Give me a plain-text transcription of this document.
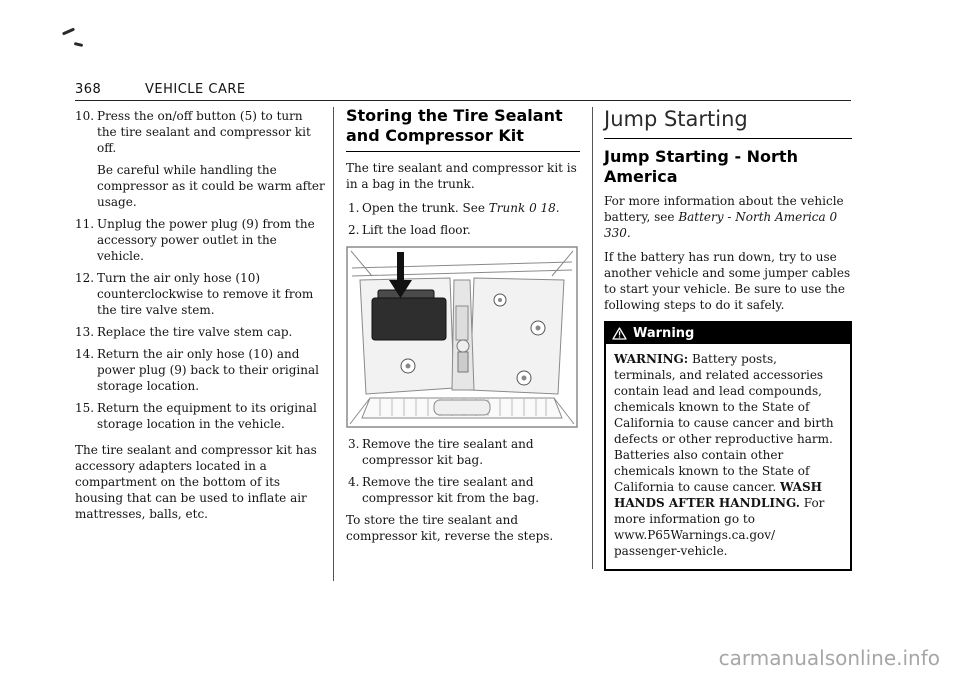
368	VEHICLE CARE
10. Press the on/off button (5) to turn the tire sealant and compressor kit off.
Be careful while handling the compressor as it could be warm after usage.
11. Unplug the power plug (9) from the accessory power outlet in the vehicle.
12. Turn the air only hose (10) counterclockwise to remove it from the tire valve stem.
13. Replace the tire valve stem cap.
14. Return the air only hose (10) and power plug (9) back to their original storage location.
15. Return the equipment to its original storage location in the vehicle.

The tire sealant and compressor kit has accessory adapters located in a compartment on the bottom of its housing that can be used to inflate air mattresses, balls, etc.

Storing the Tire Sealant and Compressor Kit

The tire sealant and compressor kit is in a bag in the trunk.

1. Open the trunk. See Trunk 0 18.
2. Lift the load floor.
3. Remove the tire sealant and compressor kit bag.
4. Remove the tire sealant and compressor kit from the bag.

To store the tire sealant and compressor kit, reverse the steps.

Jump Starting
Jump Starting - North America

For more information about the vehicle battery, see Battery - North America 0 330.

If the battery has run down, try to use another vehicle and some jumper cables to start your vehicle. Be sure to use the following steps to do it safely.

Warning
WARNING: Battery posts, terminals, and related accessories contain lead and lead compounds, chemicals known to the State of California to cause cancer and birth defects or other reproductive harm. Batteries also contain other chemicals known to the State of California to cause cancer. WASH HANDS AFTER HANDLING. For more information go to www.P65Warnings.ca.gov/ passenger-vehicle.
carmanualsonline.info
